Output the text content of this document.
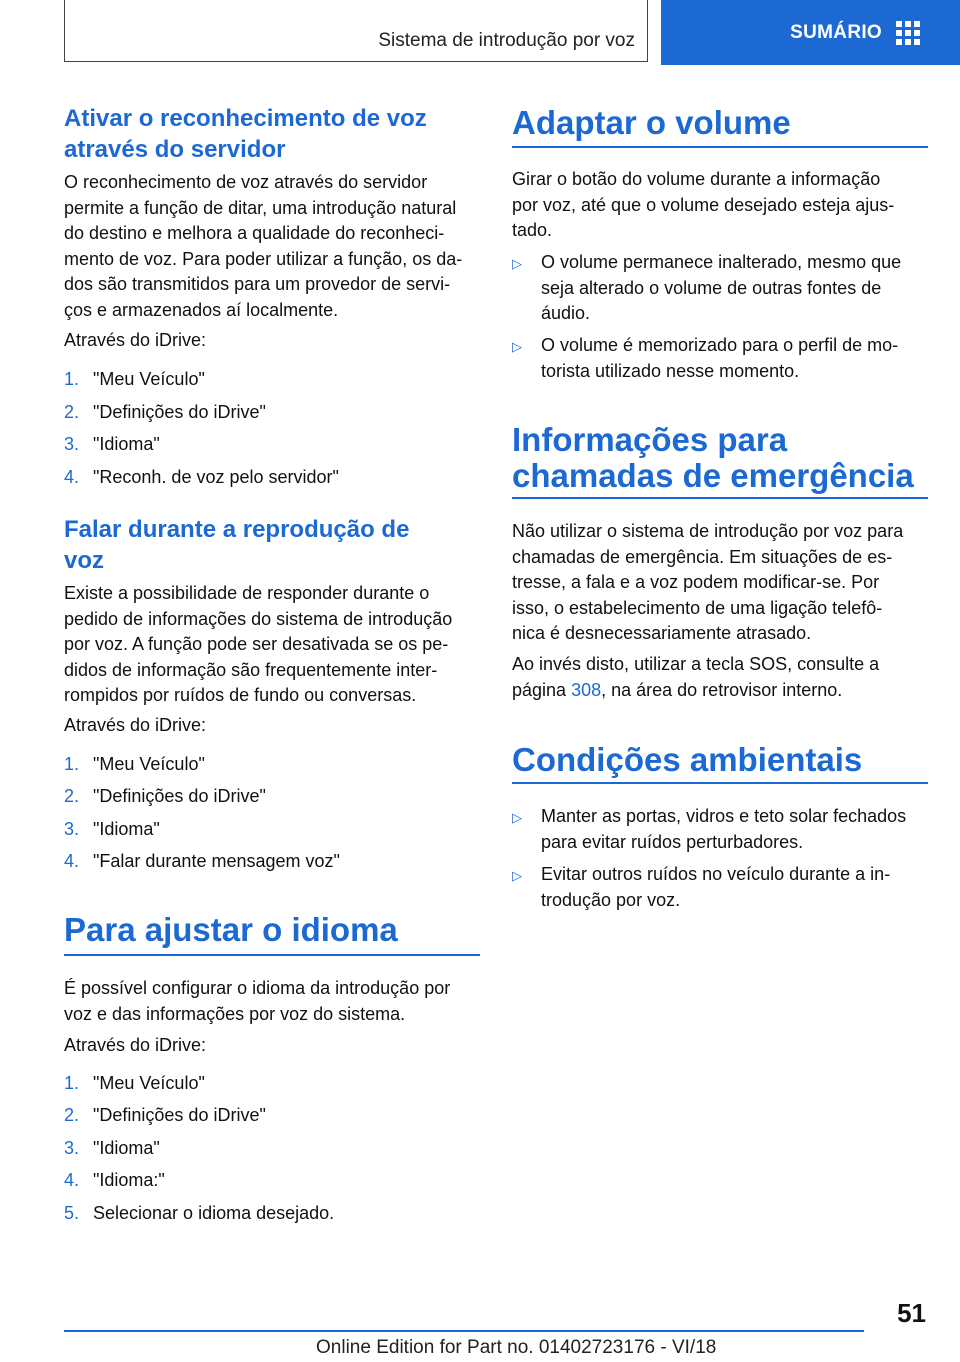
Sistema de introdução por voz	SUMÁRIO
Ativar o reconhecimento de voz
através do servidor
O reconhecimento de voz através do servidor
permite a função de ditar, uma introdução natural
do destino e melhora a qualidade do reconheci-
mento de voz. Para poder utilizar a função, os da-
dos são transmitidos para um provedor de servi-
ços e armazenados aí localmente.
Através do iDrive:
1. "Meu Veículo"
2. "Definições do iDrive"
3. "Idioma"
4. "Reconh. de voz pelo servidor"
Falar durante a reprodução de
voz
Existe a possibilidade de responder durante o
pedido de informações do sistema de introdução
por voz. A função pode ser desativada se os pe-
didos de informação são frequentemente inter-
rompidos por ruídos de fundo ou conversas.
Através do iDrive:
1. "Meu Veículo"
2. "Definições do iDrive"
3. "Idioma"
4. "Falar durante mensagem voz"
Para ajustar o idioma
É possível configurar o idioma da introdução por
voz e das informações por voz do sistema.
Através do iDrive:
1. "Meu Veículo"
2. "Definições do iDrive"
3. "Idioma"
4. "Idioma:"
5. Selecionar o idioma desejado.
Adaptar o volume
Girar o botão do volume durante a informação
por voz, até que o volume desejado esteja ajus-
tado.
▷ O volume permanece inalterado, mesmo que
seja alterado o volume de outras fontes de
áudio.
▷ O volume é memorizado para o perfil de mo-
torista utilizado nesse momento.
Informações para
chamadas de emergência
Não utilizar o sistema de introdução por voz para
chamadas de emergência. Em situações de es-
tresse, a fala e a voz podem modificar-se. Por
isso, o estabelecimento de uma ligação telefô-
nica é desnecessariamente atrasado.
Ao invés disto, utilizar a tecla SOS, consulte a
página 308, na área do retrovisor interno.
Condições ambientais
▷ Manter as portas, vidros e teto solar fechados
para evitar ruídos perturbadores.
▷ Evitar outros ruídos no veículo durante a in-
trodução por voz.
51
Online Edition for Part no. 01402723176 - VI/18
